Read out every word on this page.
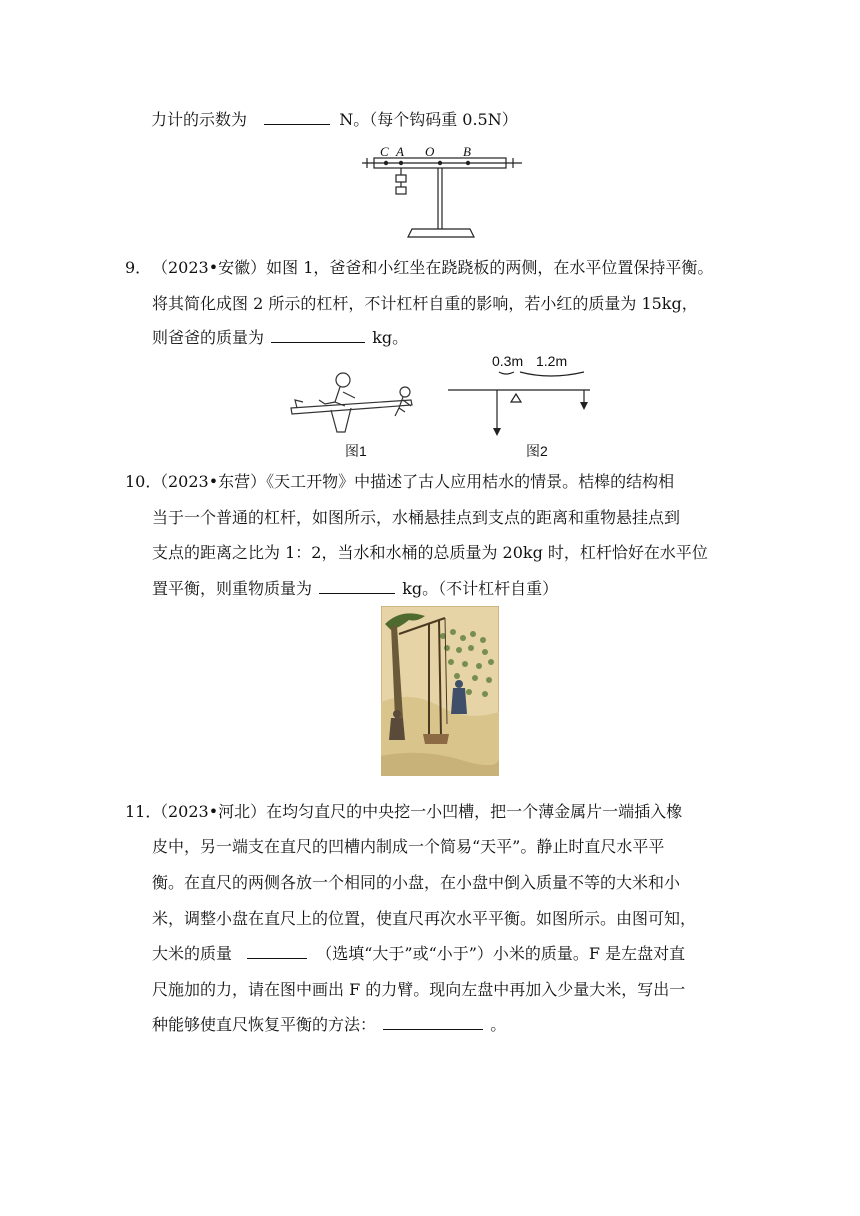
力计的示数为	N。（每个钩码重 0.5N）
C A O B
9．（2023•安徽）如图 1，爸爸和小红坐在跷跷板的两侧，在水平位置保持平衡。
将其简化成图 2 所示的杠杆，不计杠杆自重的影响，若小红的质量为 15kg，
则爸爸的质量为	kg。
图1
0.3m 1.2m
图2
10．（2023•东营）《天工开物》中描述了古人应用桔水的情景。桔槔的结构相
当于一个普通的杠杆，如图所示，水桶悬挂点到支点的距离和重物悬挂点到
支点的距离之比为 1：2，当水和水桶的总质量为 20kg 时，杠杆恰好在水平位
置平衡，则重物质量为	kg。（不计杠杆自重）
11．（2023•河北）在均匀直尺的中央挖一小凹槽，把一个薄金属片一端插入橡
皮中，另一端支在直尺的凹槽内制成一个简易“天平”。静止时直尺水平平
衡。在直尺的两侧各放一个相同的小盘，在小盘中倒入质量不等的大米和小
米，调整小盘在直尺上的位置，使直尺再次水平平衡。如图所示。由图可知，
大米的质量	（选填“大于”或“小于”）小米的质量。F 是左盘对直
尺施加的力，请在图中画出 F 的力臂。现向左盘中再加入少量大米，写出一
种能够使直尺恢复平衡的方法：	。
